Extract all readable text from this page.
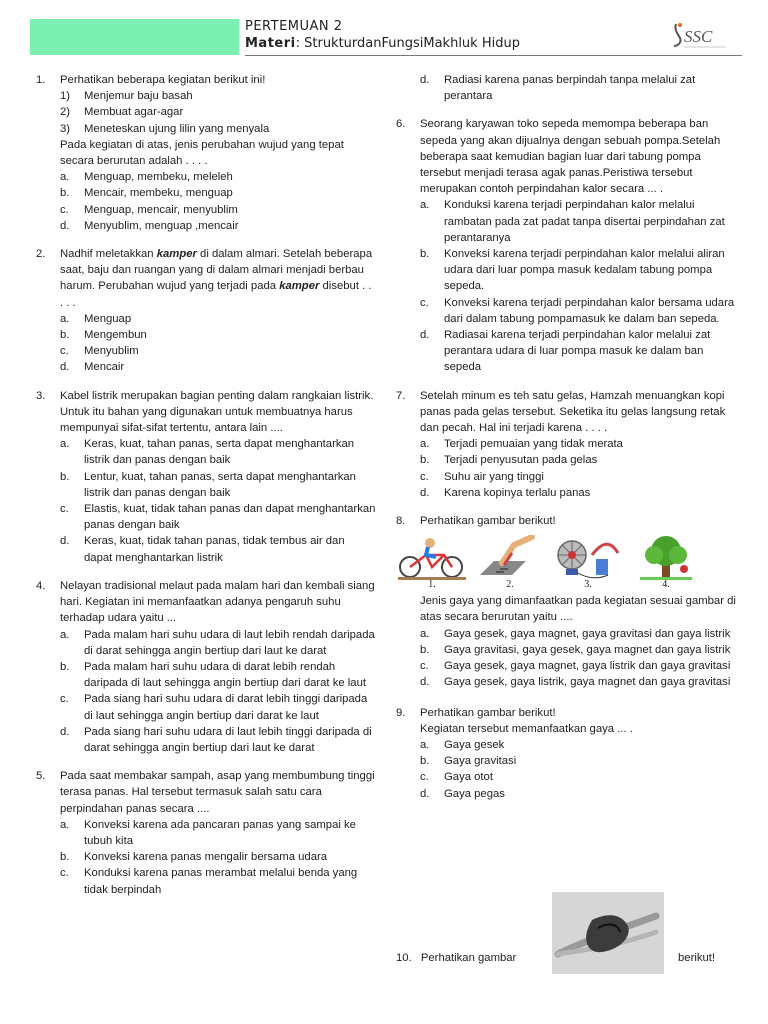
PERTEMUAN 2
Materi: StrukturdanFungsiMakhluk Hidup	SSC
1. Perhatikan beberapa kegiatan berikut ini!
1) Menjemur baju basah
2) Membuat agar-agar
3) Meneteskan ujung lilin yang menyala
Pada kegiatan di atas, jenis perubahan wujud yang tepat secara berurutan adalah . . . .
a. Menguap, membeku, meleleh
b. Mencair, membeku, menguap
c. Menguap, mencair, menyublim
d. Menyublim, menguap ,mencair
2. Nadhif meletakkan kamper di dalam almari. Setelah beberapa saat, baju dan ruangan yang di dalam almari menjadi berbau harum. Perubahan wujud yang terjadi pada kamper disebut . . . . .
a. Menguap
b. Mengembun
c. Menyublim
d. Mencair
3. Kabel listrik merupakan bagian penting dalam rangkaian listrik. Untuk itu bahan yang digunakan untuk membuatnya harus mempunyai sifat-sifat tertentu, antara lain ....
a. Keras, kuat, tahan panas, serta dapat menghantarkan listrik dan panas dengan baik
b. Lentur, kuat, tahan panas, serta dapat menghantarkan listrik dan panas dengan baik
c. Elastis, kuat, tidak tahan panas dan dapat menghantarkan panas dengan baik
d. Keras, kuat, tidak tahan panas, tidak tembus air dan dapat menghantarkan listrik
4. Nelayan tradisional melaut pada malam hari dan kembali siang hari. Kegiatan ini memanfaatkan adanya pengaruh suhu terhadap udara yaitu ...
a. Pada malam hari suhu udara di laut lebih rendah daripada di darat sehingga angin bertiup dari laut ke darat
b. Pada malam hari suhu udara di darat lebih rendah daripada di laut sehingga angin bertiup dari darat ke laut
c. Pada siang hari suhu udara di darat lebih tinggi daripada di laut sehingga angin bertiup dari darat ke laut
d. Pada siang hari suhu udara di laut lebih tinggi daripada di darat sehingga angin bertiup dari laut ke darat
5. Pada saat membakar sampah, asap yang membumbung tinggi terasa panas. Hal tersebut termasuk salah satu cara perpindahan panas secara ....
a. Konveksi karena ada pancaran panas yang sampai ke tubuh kita
b. Konveksi karena panas mengalir bersama udara
c. Konduksi karena panas merambat melalui benda yang tidak berpindah
d. Radiasi karena panas berpindah tanpa melalui zat perantara
6. Seorang karyawan toko sepeda memompa beberapa ban sepeda yang akan dijualnya dengan sebuah pompa.Setelah beberapa saat kemudian bagian luar dari tabung pompa tersebut menjadi terasa agak panas.Peristiwa tersebut merupakan contoh perpindahan kalor secara ... .
a. Konduksi karena terjadi perpindahan kalor melalui rambatan pada zat padat tanpa disertai perpindahan zat perantaranya
b. Konveksi karena terjadi perpindahan kalor melalui aliran udara dari luar pompa masuk kedalam tabung pompa sepeda.
c. Konveksi karena terjadi perpindahan kalor bersama udara dari dalam tabung pompamasuk ke dalam ban sepeda.
d. Radiasai karena terjadi perpindahan kalor melalui zat perantara udara di luar pompa masuk ke dalam ban sepeda
7. Setelah minum es teh satu gelas, Hamzah menuangkan kopi panas pada gelas tersebut. Seketika itu gelas langsung retak dan pecah. Hal ini terjadi karena . . . .
a. Terjadi pemuaian yang tidak merata
b. Terjadi penyusutan pada gelas
c. Suhu air yang tinggi
d. Karena kopinya terlalu panas
8. Perhatikan gambar berikut!
1.	2.	3.	4.
Jenis gaya yang dimanfaatkan pada kegiatan sesuai gambar di atas secara berurutan yaitu ....
a. Gaya gesek, gaya magnet, gaya gravitasi dan gaya listrik
b. Gaya gravitasi, gaya gesek, gaya magnet dan gaya listrik
c. Gaya gesek, gaya magnet, gaya listrik dan gaya gravitasi
d. Gaya gesek, gaya listrik, gaya magnet dan gaya gravitasi
9. Perhatikan gambar berikut!
Kegiatan tersebut memanfaatkan gaya ... .
a. Gaya gesek
b. Gaya gravitasi
c. Gaya otot
d. Gaya pegas
10. Perhatikan gambar	berikut!
